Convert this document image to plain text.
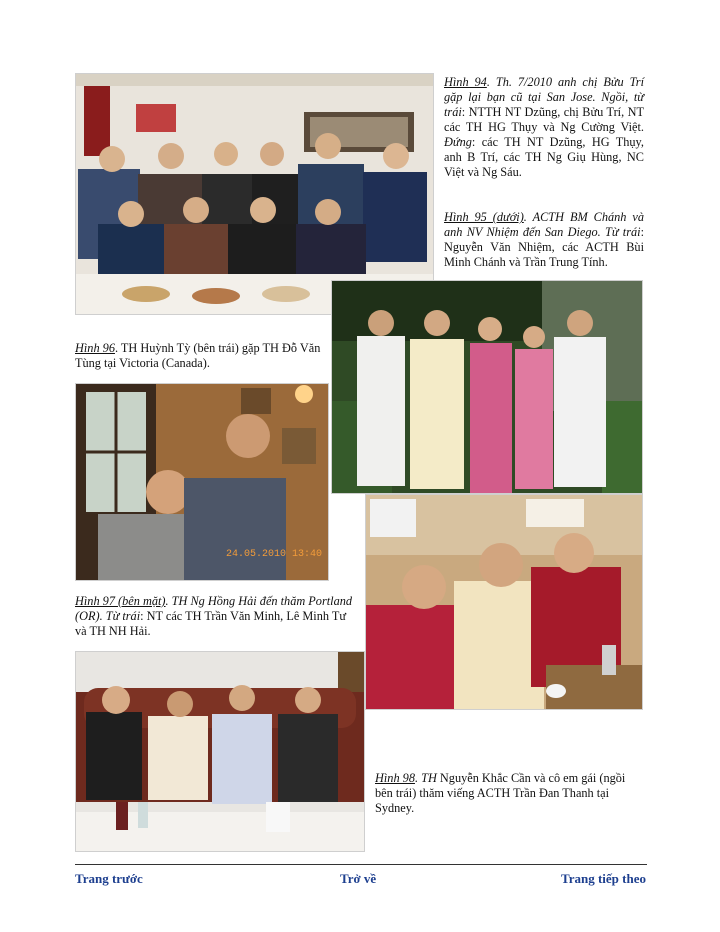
Hình 94. Th. 7/2010 anh chị Bửu Trí gặp lại bạn cũ tại San Jose. Ngồi, từ trái: NTTH NT Dzũng, chị Bửu Trí, NT các TH HG Thụy và Ng Cường Việt. Đứng: các TH NT Dzũng, HG Thụy, anh B Trí, các TH Ng Giụ Hùng, NC Việt và Ng Sáu.

Hình 95 (dưới). ACTH BM Chánh và anh NV Nhiệm đến San Diego. Từ trái: Nguyễn Văn Nhiệm, các ACTH Bùi Minh Chánh và Trần Trung Tính.

Hình 96. TH Huỳnh Tỳ (bên trái) gặp TH Đỗ Văn Tùng tại Victoria (Canada).

24.05.2010 13:40

Hình 97 (bên mặt). TH Ng Hồng Hải đến thăm Portland (OR). Từ trái: NT các TH Trần Văn Minh, Lê Minh Tư và TH NH Hải.

Hình 98. TH Nguyễn Khắc Cần và cô em gái (ngồi bên trái) thăm viếng ACTH Trần Đan Thanh tại Sydney.

Trang trước	Trở về	Trang tiếp theo
